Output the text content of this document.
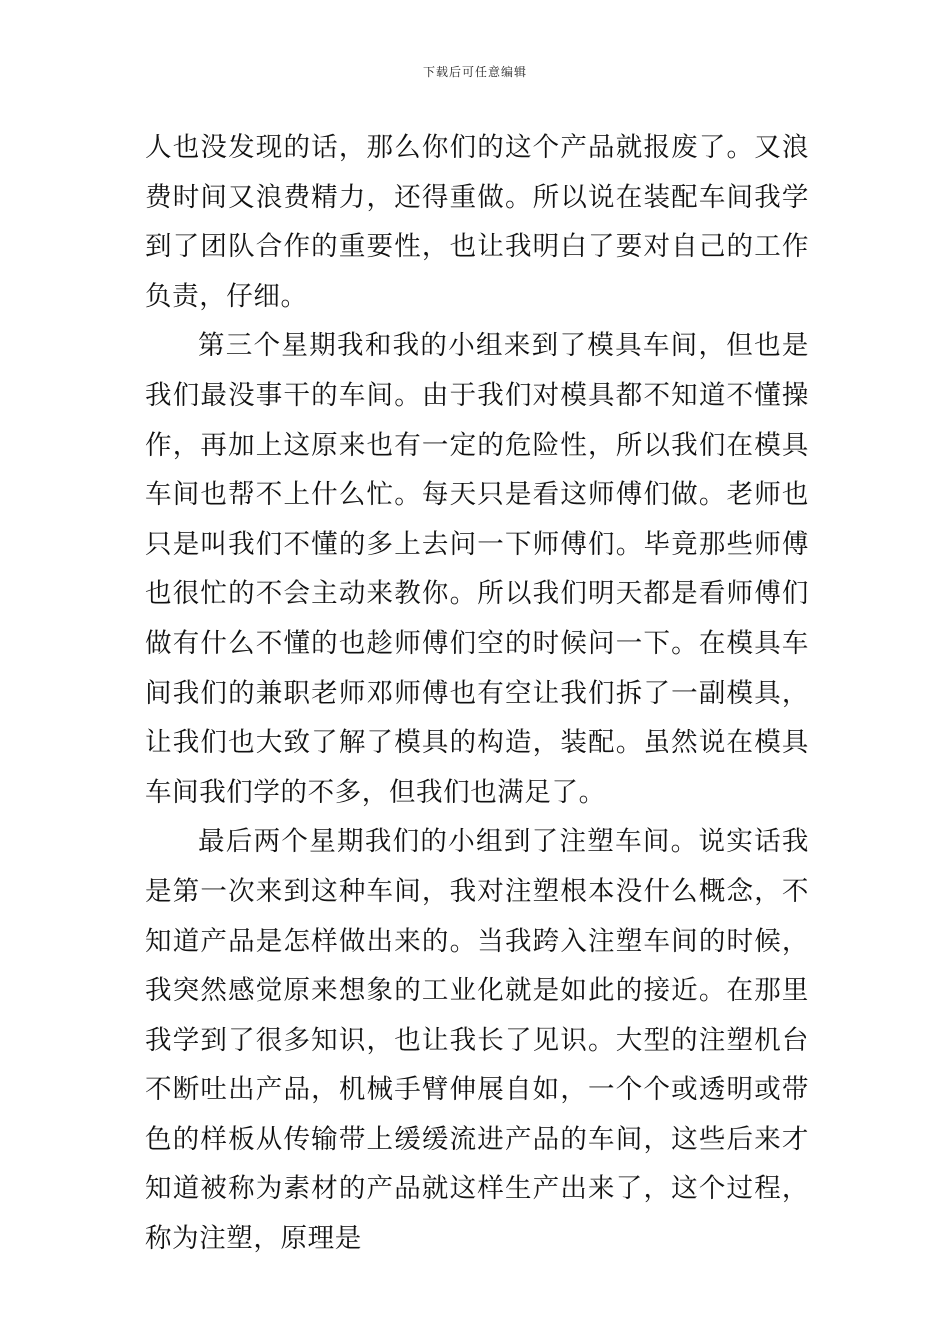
下载后可任意编辑

人也没发现的话，那么你们的这个产品就报废了。又浪费时间又浪费精力，还得重做。所以说在装配车间我学到了团队合作的重要性，也让我明白了要对自己的工作负责，仔细。

第三个星期我和我的小组来到了模具车间，但也是我们最没事干的车间。由于我们对模具都不知道不懂操作，再加上这原来也有一定的危险性，所以我们在模具车间也帮不上什么忙。每天只是看这师傅们做。老师也只是叫我们不懂的多上去问一下师傅们。毕竟那些师傅也很忙的不会主动来教你。所以我们明天都是看师傅们做有什么不懂的也趁师傅们空的时候问一下。在模具车间我们的兼职老师邓师傅也有空让我们拆了一副模具，让我们也大致了解了模具的构造，装配。虽然说在模具车间我们学的不多，但我们也满足了。

最后两个星期我们的小组到了注塑车间。说实话我是第一次来到这种车间，我对注塑根本没什么概念，不知道产品是怎样做出来的。当我跨入注塑车间的时候，我突然感觉原来想象的工业化就是如此的接近。在那里我学到了很多知识，也让我长了见识。大型的注塑机台不断吐出产品，机械手臂伸展自如，一个个或透明或带色的样板从传输带上缓缓流进产品的车间，这些后来才知道被称为素材的产品就这样生产出来了，这个过程，称为注塑，原理是
